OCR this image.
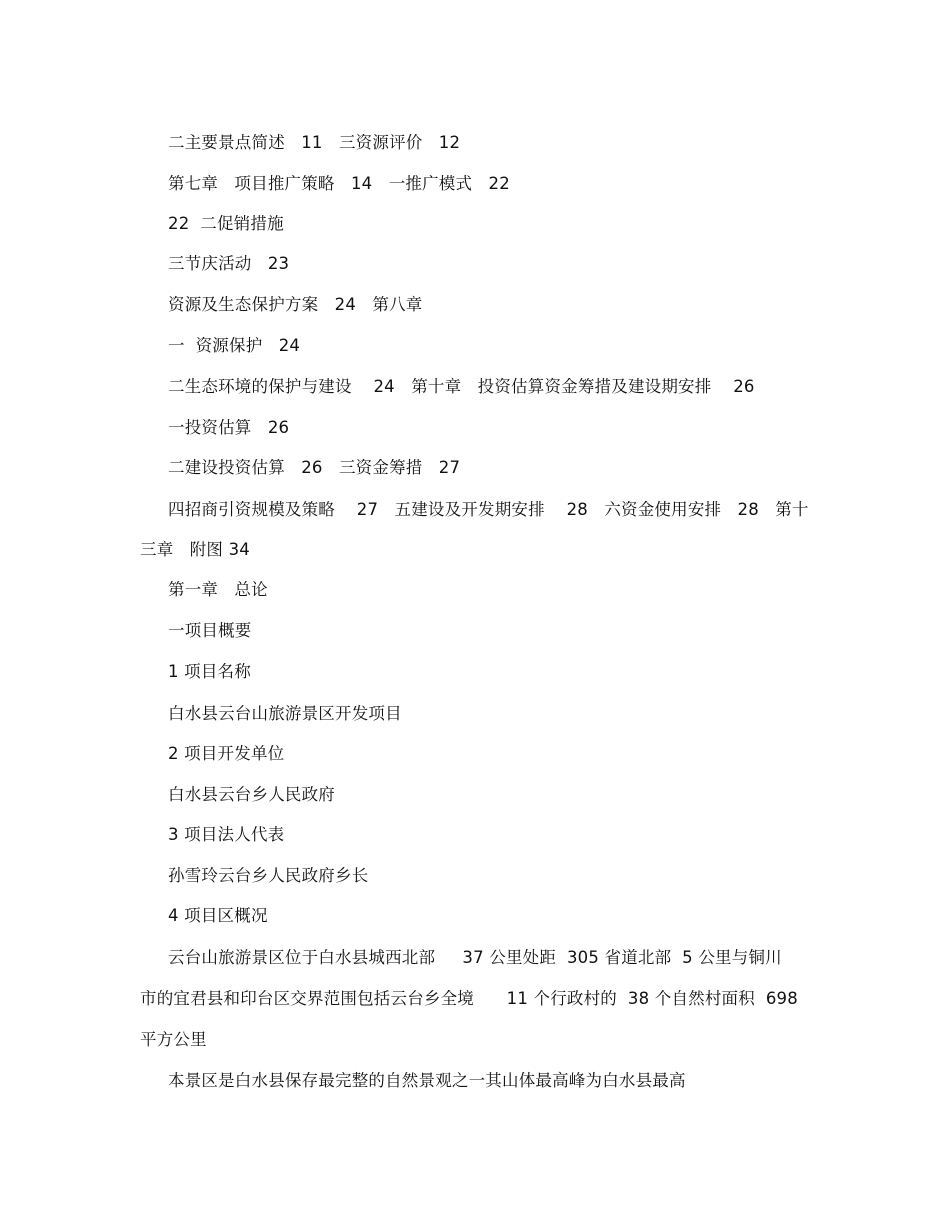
二主要景点简述   11   三资源评价   12
第七章   项目推广策略   14   一推广模式   22
22  二促销措施
三节庆活动   23
资源及生态保护方案   24   第八章
一  资源保护   24
二生态环境的保护与建设    24   第十章   投资估算资金筹措及建设期安排    26
一投资估算   26
二建设投资估算   26   三资金筹措   27
四招商引资规模及策略    27   五建设及开发期安排    28   六资金使用安排   28   第十
三章   附图 34
第一章   总论
一项目概要
1 项目名称
白水县云台山旅游景区开发项目
2 项目开发单位
白水县云台乡人民政府
3 项目法人代表
孙雪玲云台乡人民政府乡长
4 项目区概况
云台山旅游景区位于白水县城西北部     37 公里处距  305 省道北部  5 公里与铜川
市的宜君县和印台区交界范围包括云台乡全境      11 个行政村的  38 个自然村面积  698
平方公里
本景区是白水县保存最完整的自然景观之一其山体最高峰为白水县最高
